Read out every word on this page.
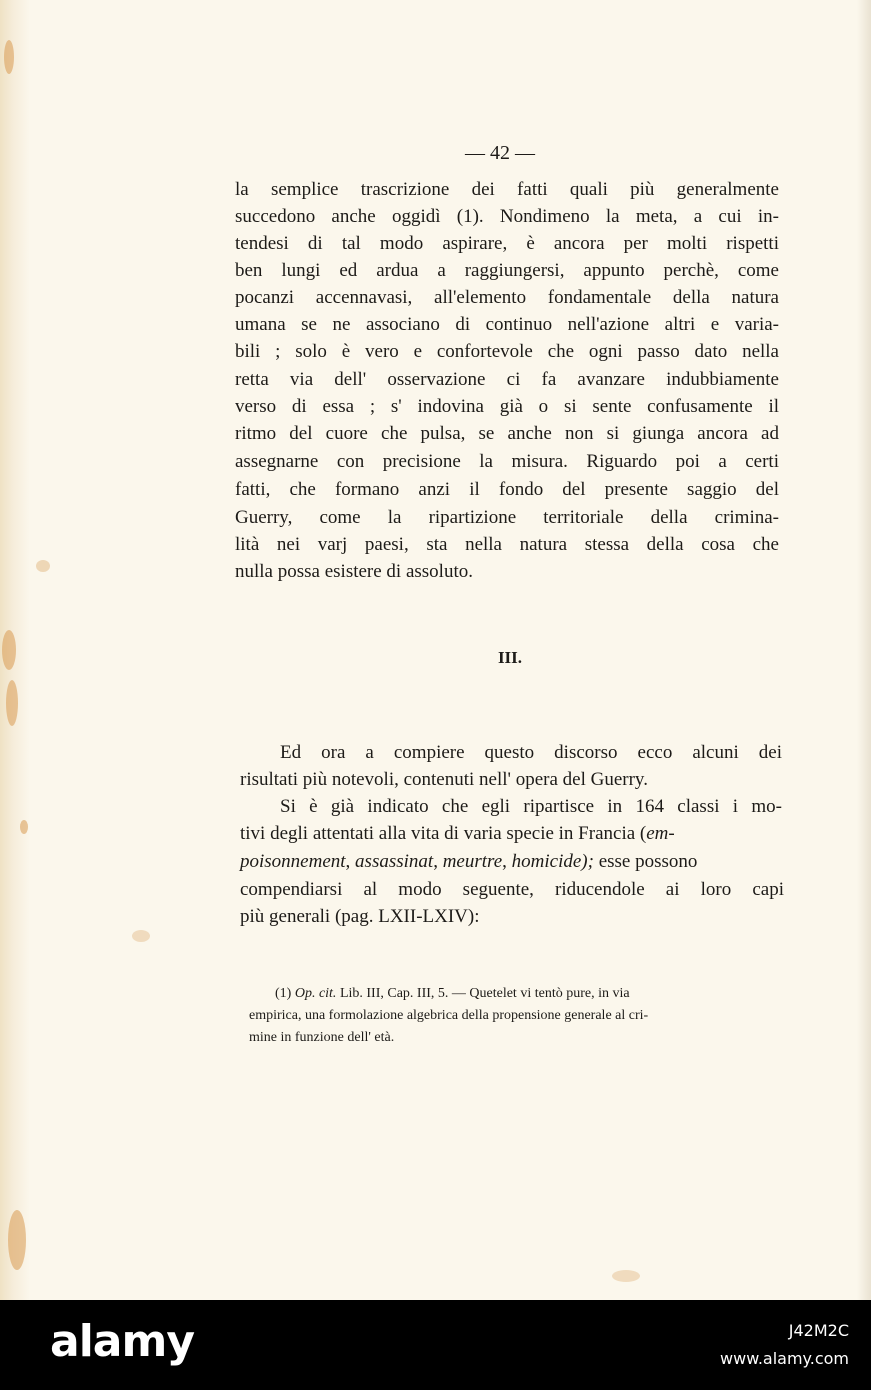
— 42 —
la semplice trascrizione dei fatti quali più generalmente
succedono anche oggidì (1). Nondimeno la meta, a cui in-
tendesi di tal modo aspirare, è ancora per molti rispetti
ben lungi ed ardua a raggiungersi, appunto perchè, come
pocanzi accennavasi, all'elemento fondamentale della natura
umana se ne associano di continuo nell'azione altri e varia-
bili ; solo è vero e confortevole che ogni passo dato nella
retta via dell' osservazione ci fa avanzare indubbiamente
verso di essa ; s' indovina già o si sente confusamente il
ritmo del cuore che pulsa, se anche non si giunga ancora ad
assegnarne con precisione la misura. Riguardo poi a certi
fatti, che formano anzi il fondo del presente saggio del
Guerry, come la ripartizione territoriale della crimina-
lità nei varj paesi, sta nella natura stessa della cosa che
nulla possa esistere di assoluto.
III.
Ed ora a compiere questo discorso ecco alcuni dei
risultati più notevoli, contenuti nell' opera del Guerry.
Si è già indicato che egli ripartisce in 164 classi i mo-
tivi degli attentati alla vita di varia specie in Francia (em-
poisonnement, assassinat, meurtre, homicide); esse possono
compendiarsi al modo seguente, riducendole ai loro capi
più generali (pag. LXII-LXIV):
(1) Op. cit. Lib. III, Cap. III, 5. — Quetelet vi tentò pure, in via
empirica, una formolazione algebrica della propensione generale al cri-
mine in funzione dell' età.
alamy	J42M2C
www.alamy.com
